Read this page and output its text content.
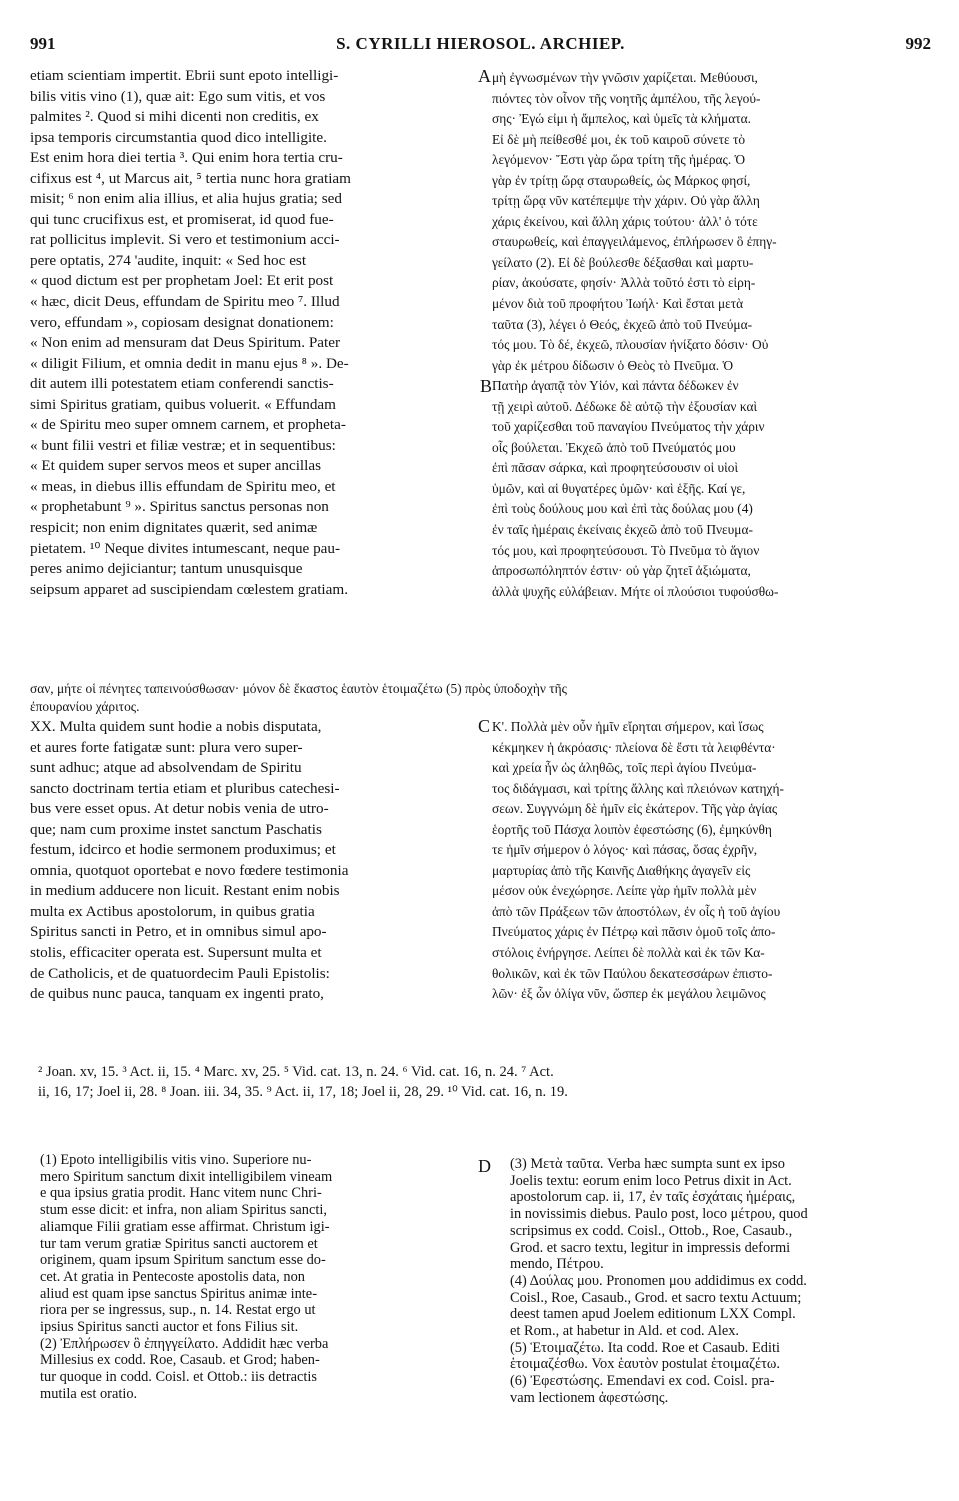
991	S. CYRILLI HIEROSOL. ARCHIEP.	992
etiam scientiam impertit. Ebrii sunt epoto intelligi-
bilis vitis vino (1), quæ ait: Ego sum vitis, et vos
palmites ². Quod si mihi dicenti non creditis, ex
ipsa temporis circumstantia quod dico intelligite.
Est enim hora diei tertia ³. Qui enim hora tertia cru-
cifixus est ⁴, ut Marcus ait, ⁵ tertia nunc hora gratiam
misit; ⁶ non enim alia illius, et alia hujus gratia; sed
qui tunc crucifixus est, et promiserat, id quod fue-
rat pollicitus implevit. Si vero et testimonium acci-
pere optatis, 274 'audite, inquit: « Sed hoc est
« quod dictum est per prophetam Joel: Et erit post
« hæc, dicit Deus, effundam de Spiritu meo ⁷. Illud
vero, effundam », copiosam designat donationem:
« Non enim ad mensuram dat Deus Spiritum. Pater
« diligit Filium, et omnia dedit in manu ejus ⁸ ». De-
dit autem illi potestatem etiam conferendi sanctis-
simi Spiritus gratiam, quibus voluerit. « Effundam
« de Spiritu meo super omnem carnem, et propheta-
« bunt filii vestri et filiæ vestræ; et in sequentibus:
« Et quidem super servos meos et super ancillas
« meas, in diebus illis effundam de Spiritu meo, et
« prophetabunt ⁹ ». Spiritus sanctus personas non
respicit; non enim dignitates quærit, sed animæ
pietatem. ¹⁰ Neque divites intumescant, neque pau-
peres animo dejiciantur; tantum unusquisque
seipsum apparet ad suscipiendam cœlestem gratiam.
μὴ ἐγνωσμένων τὴν γνῶσιν χαρίζεται. Μεθύουσι,
πιόντες τὸν οἶνον τῆς νοητῆς ἀμπέλου, τῆς λεγού-
σης· Ἐγώ εἰμι ἡ ἄμπελος, καὶ ὑμεῖς τὰ κλήματα.
Εἰ δὲ μὴ πείθεσθέ μοι, ἐκ τοῦ καιροῦ σύνετε τὸ
λεγόμενον· Ἔστι γὰρ ὥρα τρίτη τῆς ἡμέρας. Ὁ
γὰρ ἐν τρίτῃ ὥρᾳ σταυρωθείς, ὡς Μάρκος φησί,
τρίτῃ ὥρᾳ νῦν κατέπεμψε τὴν χάριν. Οὐ γὰρ ἄλλη
χάρις ἐκείνου, καὶ ἄλλη χάρις τούτου· ἀλλ' ὁ τότε
σταυρωθείς, καὶ ἐπαγγειλάμενος, ἐπλήρωσεν ὃ ἐπηγ-
γείλατο (2). Εἰ δὲ βούλεσθε δέξασθαι καὶ μαρτυ-
ρίαν, ἀκούσατε, φησίν· Ἀλλὰ τοῦτό ἐστι τὸ εἰρη-
μένον διὰ τοῦ προφήτου Ἰωήλ· Καὶ ἔσται μετὰ
ταῦτα (3), λέγει ὁ Θεός, ἐκχεῶ ἀπὸ τοῦ Πνεύμα-
τός μου. Τὸ δέ, ἐκχεῶ, πλουσίαν ἠνίξατο δόσιν· Οὐ
γὰρ ἐκ μέτρου δίδωσιν ὁ Θεὸς τὸ Πνεῦμα. Ὁ
Πατὴρ ἀγαπᾷ τὸν Υἱόν, καὶ πάντα δέδωκεν ἐν
τῇ χειρὶ αὐτοῦ. Δέδωκε δὲ αὐτῷ τὴν ἐξουσίαν καὶ
τοῦ χαρίζεσθαι τοῦ παναγίου Πνεύματος τὴν χάριν
οἷς βούλεται. Ἐκχεῶ ἀπὸ τοῦ Πνεύματός μου
ἐπὶ πᾶσαν σάρκα, καὶ προφητεύσουσιν οἱ υἱοὶ
ὑμῶν, καὶ αἱ θυγατέρες ὑμῶν· καὶ ἑξῆς. Καί γε,
ἐπὶ τοὺς δούλους μου καὶ ἐπὶ τὰς δούλας μου (4)
ἐν ταῖς ἡμέραις ἐκείναις ἐκχεῶ ἀπὸ τοῦ Πνευμα-
τός μου, καὶ προφητεύσουσι. Τὸ Πνεῦμα τὸ ἅγιον
ἀπροσωπόληπτόν ἐστιν· οὐ γὰρ ζητεῖ ἀξιώματα,
ἀλλὰ ψυχῆς εὐλάβειαν. Μήτε οἱ πλούσιοι τυφούσθω-
A
B
C
D
σαν, μήτε οἱ πένητες ταπεινούσθωσαν· μόνον δὲ ἕκαστος ἑαυτὸν ἑτοιμαζέτω (5) πρὸς ὑποδοχὴν τῆς
ἐπουρανίου χάριτος.
XX. Multa quidem sunt hodie a nobis disputata,
et aures forte fatigatæ sunt: plura vero super-
sunt adhuc; atque ad absolvendam de Spiritu
sancto doctrinam tertia etiam et pluribus catechesi-
bus vere esset opus. At detur nobis venia de utro-
que; nam cum proxime instet sanctum Paschatis
festum, idcirco et hodie sermonem produximus; et
omnia, quotquot oportebat e novo fœdere testimonia
in medium adducere non licuit. Restant enim nobis
multa ex Actibus apostolorum, in quibus gratia
Spiritus sancti in Petro, et in omnibus simul apo-
stolis, efficaciter operata est. Supersunt multa et
de Catholicis, et de quatuordecim Pauli Epistolis:
de quibus nunc pauca, tanquam ex ingenti prato,
Κ'. Πολλὰ μὲν οὖν ἡμῖν εἴρηται σήμερον, καὶ ἴσως
κέκμηκεν ἡ ἀκρόασις· πλείονα δὲ ἔστι τὰ λειφθέντα·
καὶ χρεία ἦν ὡς ἀληθῶς, τοῖς περὶ ἁγίου Πνεύμα-
τος διδάγμασι, καὶ τρίτης ἄλλης καὶ πλειόνων κατηχή-
σεων. Συγγνώμη δὲ ἡμῖν εἰς ἑκάτερον. Τῆς γὰρ ἁγίας
ἑορτῆς τοῦ Πάσχα λοιπὸν ἐφεστώσης (6), ἐμηκύνθη
τε ἡμῖν σήμερον ὁ λόγος· καὶ πάσας, ὅσας ἐχρῆν,
μαρτυρίας ἀπὸ τῆς Καινῆς Διαθήκης ἀγαγεῖν εἰς
μέσον οὐκ ἐνεχώρησε. Λείπε γὰρ ἡμῖν πολλὰ μὲν
ἀπὸ τῶν Πράξεων τῶν ἀποστόλων, ἐν οἷς ἡ τοῦ ἁγίου
Πνεύματος χάρις ἐν Πέτρῳ καὶ πᾶσιν ὁμοῦ τοῖς ἀπο-
στόλοις ἐνήργησε. Λείπει δὲ πολλὰ καὶ ἐκ τῶν Κα-
θολικῶν, καὶ ἐκ τῶν Παύλου δεκατεσσάρων ἐπιστο-
λῶν· ἐξ ὧν ὀλίγα νῦν, ὥσπερ ἐκ μεγάλου λειμῶνος
² Joan. xv, 15. ³ Act. ii, 15. ⁴ Marc. xv, 25. ⁵ Vid. cat. 13, n. 24. ⁶ Vid. cat. 16, n. 24. ⁷ Act.
ii, 16, 17; Joel ii, 28. ⁸ Joan. iii. 34, 35. ⁹ Act. ii, 17, 18; Joel ii, 28, 29. ¹⁰ Vid. cat. 16, n. 19.
(1) Epoto intelligibilis vitis vino. Superiore nu-
mero Spiritum sanctum dixit intelligibilem vineam
e qua ipsius gratia prodit. Hanc vitem nunc Chri-
stum esse dicit: et infra, non aliam Spiritus sancti,
aliamque Filii gratiam esse affirmat. Christum igi-
tur tam verum gratiæ Spiritus sancti auctorem et
originem, quam ipsum Spiritum sanctum esse do-
cet. At gratia in Pentecoste apostolis data, non
aliud est quam ipse sanctus Spiritus animæ inte-
riora per se ingressus, sup., n. 14. Restat ergo ut
ipsius Spiritus sancti auctor et fons Filius sit.
(2) Ἐπλήρωσεν ὃ ἐπηγγείλατο. Addidit hæc verba
Millesius ex codd. Roe, Casaub. et Grod; haben-
tur quoque in codd. Coisl. et Ottob.: iis detractis
mutila est oratio.
(3) Μετὰ ταῦτα. Verba hæc sumpta sunt ex ipso
Joelis textu: eorum enim loco Petrus dixit in Act.
apostolorum cap. ii, 17, ἐν ταῖς ἐσχάταις ἡμέραις,
in novissimis diebus. Paulo post, loco μέτρου, quod
scripsimus ex codd. Coisl., Ottob., Roe, Casaub.,
Grod. et sacro textu, legitur in impressis deformi
mendo, Πέτρου.
(4) Δούλας μου. Pronomen μου addidimus ex codd.
Coisl., Roe, Casaub., Grod. et sacro textu Actuum;
deest tamen apud Joelem editionum LXX Compl.
et Rom., at habetur in Ald. et cod. Alex.
(5) Ἑτοιμαζέτω. Ita codd. Roe et Casaub. Editi
ἑτοιμαζέσθω. Vox ἑαυτὸν postulat ἑτοιμαζέτω.
(6) Ἐφεστώσης. Emendavi ex cod. Coisl. pra-
vam lectionem ἀφεστώσης.
